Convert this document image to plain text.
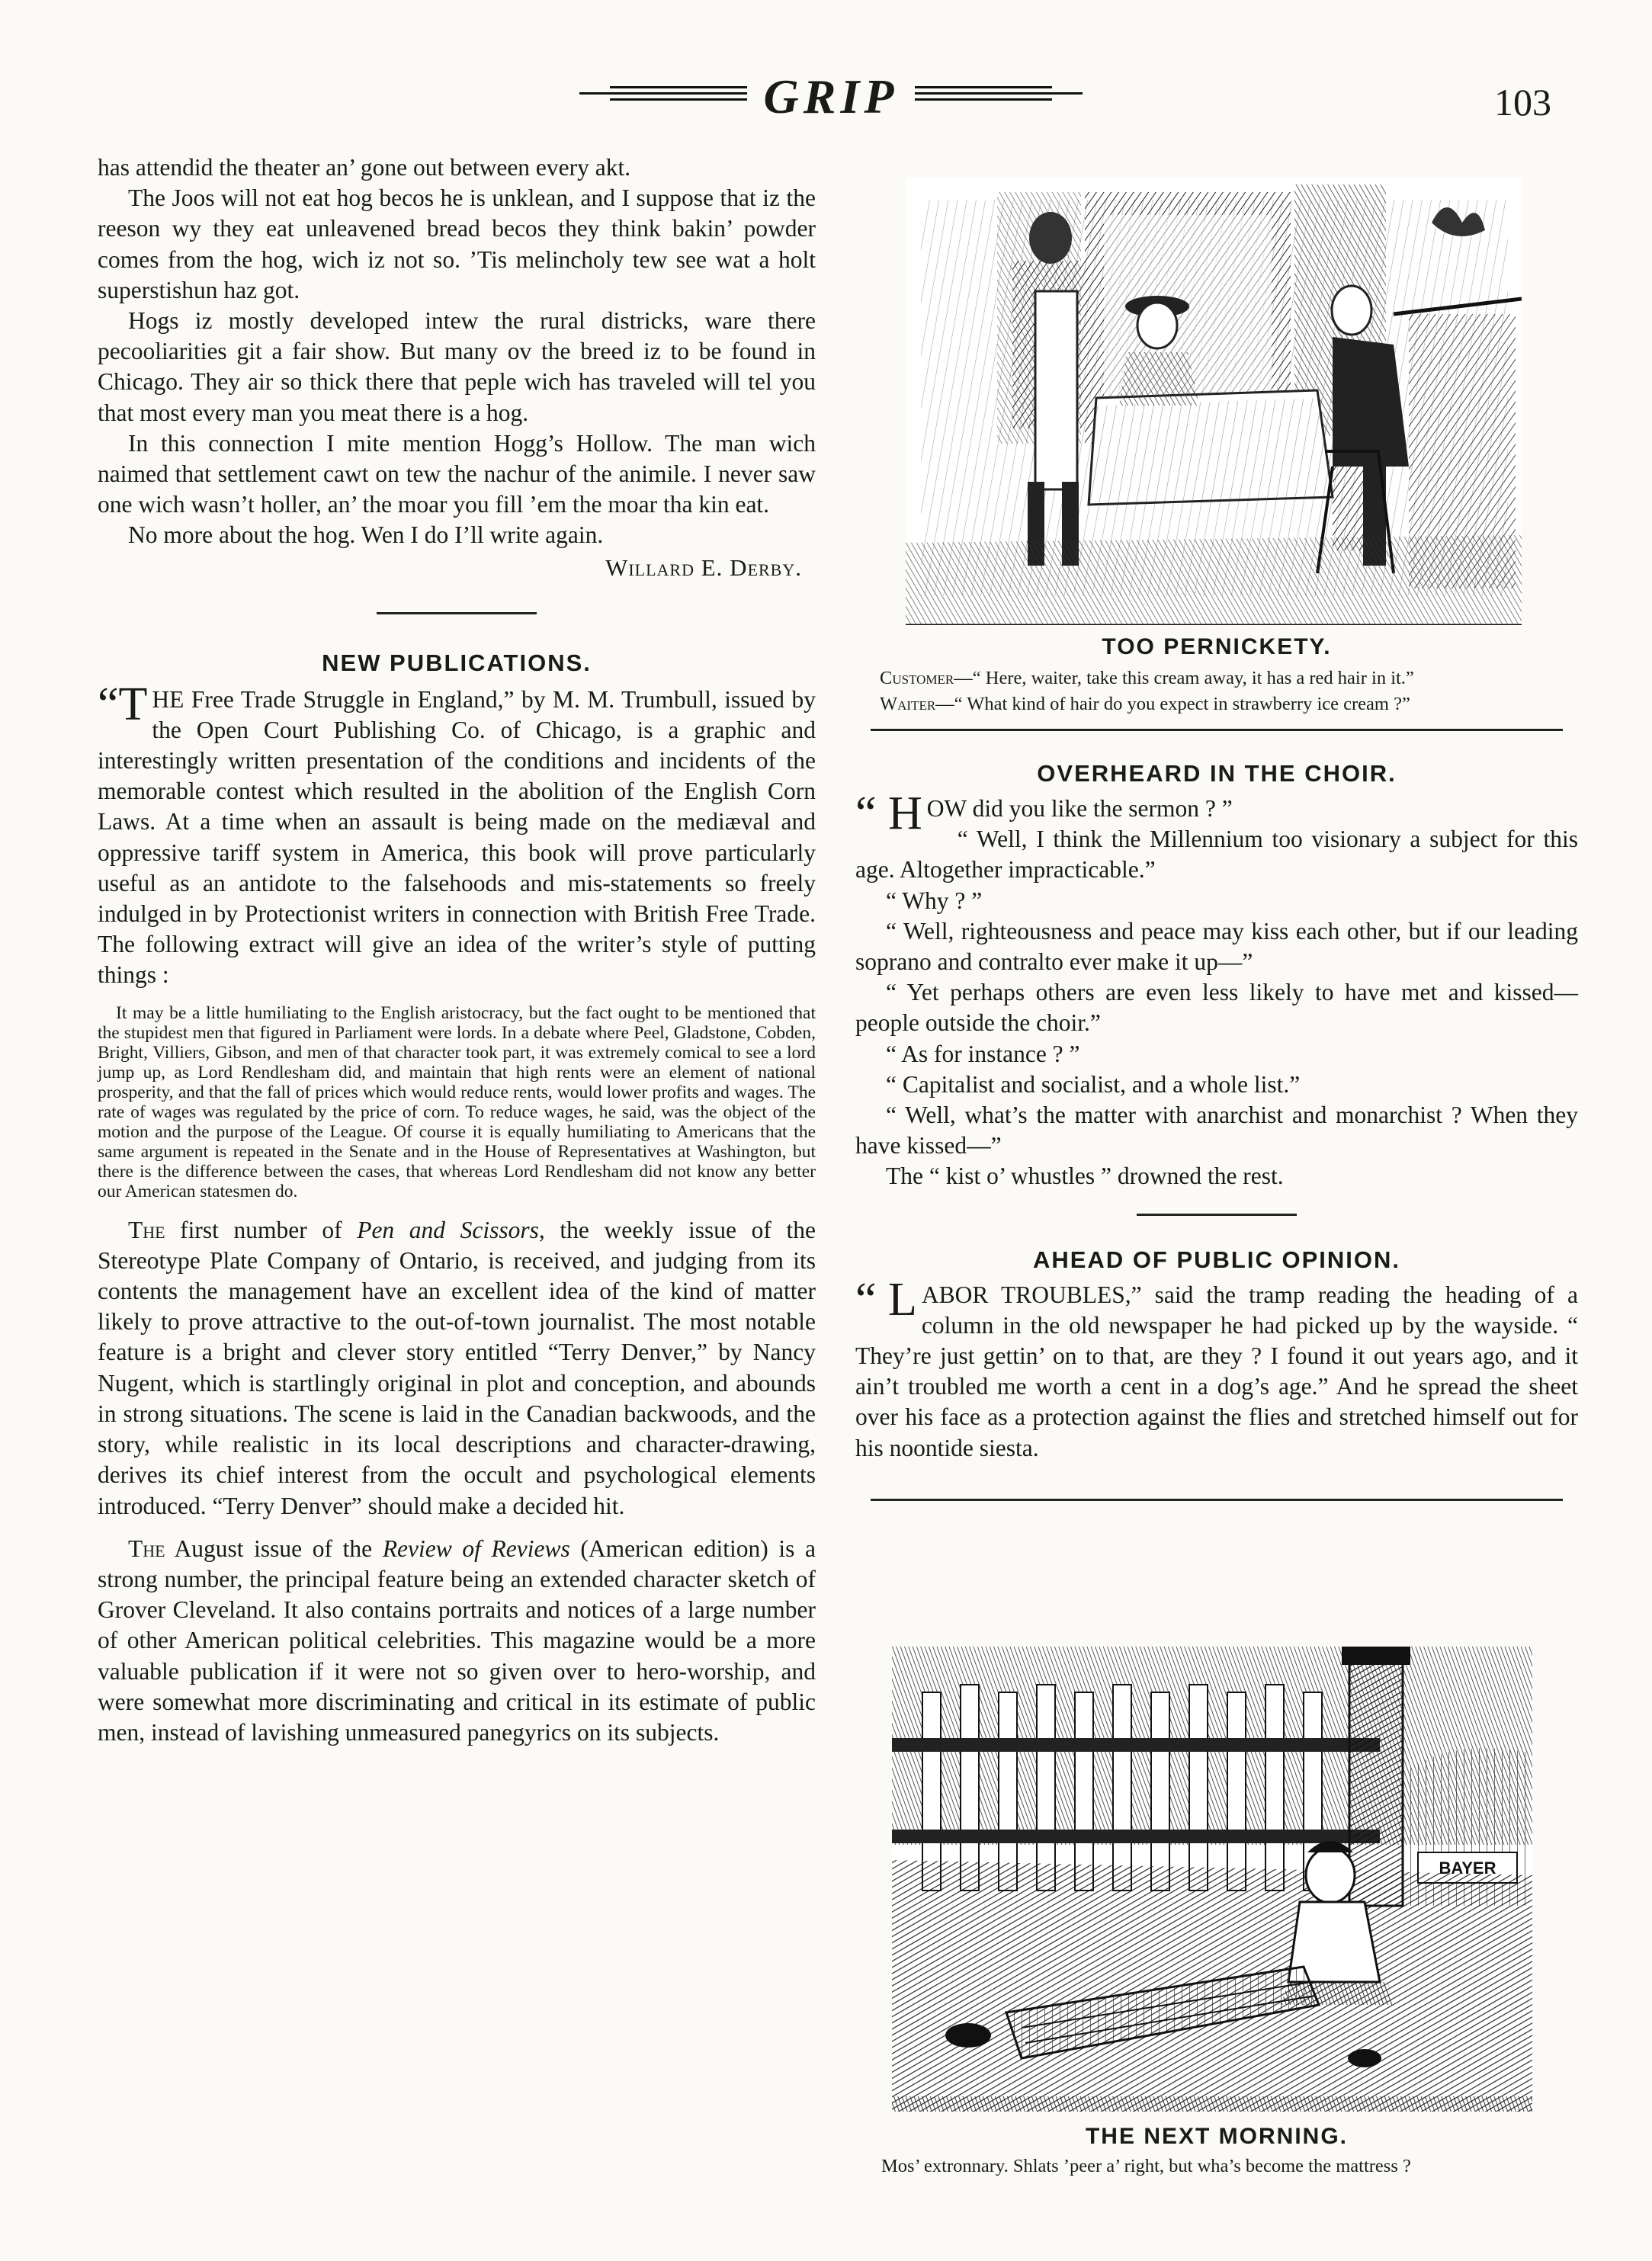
GRIP	103

has attendid the theater an’ gone out between every akt.

The Joos will not eat hog becos he is unklean, and I suppose that iz the reeson wy they eat unleavened bread becos they think bakin’ powder comes from the hog, wich iz not so. ’Tis melincholy tew see wat a holt superstishun haz got.

Hogs iz mostly developed intew the rural districks, ware there pecooliarities git a fair show. But many ov the breed iz to be found in Chicago. They air so thick there that peple wich has traveled will tel you that most every man you meat there is a hog.

In this connection I mite mention Hogg’s Hollow. The man wich naimed that settlement cawt on tew the nachur of the animile. I never saw one wich wasn’t holler, an’ the moar you fill ’em the moar tha kin eat.

No more about the hog. Wen I do I’ll write again.

Willard E. Derby.
NEW PUBLICATIONS.

“THE Free Trade Struggle in England,” by M. M. Trumbull, issued by the Open Court Publishing Co. of Chicago, is a graphic and interestingly written presentation of the conditions and incidents of the memorable contest which resulted in the abolition of the English Corn Laws. At a time when an assault is being made on the mediæval and oppressive tariff system in America, this book will prove particularly useful as an antidote to the falsehoods and mis-statements so freely indulged in by Protectionist writers in connection with British Free Trade. The following extract will give an idea of the writer’s style of putting things :

It may be a little humiliating to the English aristocracy, but the fact ought to be mentioned that the stupidest men that figured in Parliament were lords. In a debate where Peel, Gladstone, Cobden, Bright, Villiers, Gibson, and men of that character took part, it was extremely comical to see a lord jump up, as Lord Rendlesham did, and maintain that high rents were an element of national prosperity, and that the fall of prices which would reduce rents, would lower profits and wages. The rate of wages was regulated by the price of corn. To reduce wages, he said, was the object of the motion and the purpose of the League. Of course it is equally humiliating to Americans that the same argument is repeated in the Senate and in the House of Representatives at Washington, but there is the difference between the cases, that whereas Lord Rendlesham did not know any better our American statesmen do.

The first number of Pen and Scissors, the weekly issue of the Stereotype Plate Company of Ontario, is received, and judging from its contents the management have an excellent idea of the kind of matter likely to prove attractive to the out-of-town journalist. The most notable feature is a bright and clever story entitled “Terry Denver,” by Nancy Nugent, which is startlingly original in plot and conception, and abounds in strong situations. The scene is laid in the Canadian backwoods, and the story, while realistic in its local descriptions and character-drawing, derives its chief interest from the occult and psychological elements introduced. “Terry Denver” should make a decided hit.

The August issue of the Review of Reviews (American edition) is a strong number, the principal feature being an extended character sketch of Grover Cleveland. It also contains portraits and notices of a large number of other American political celebrities. This magazine would be a more valuable publication if it were not so given over to hero-worship, and were somewhat more discriminating and critical in its estimate of public men, instead of lavishing unmeasured panegyrics on its subjects.

TOO PERNICKETY.

Customer—“ Here, waiter, take this cream away, it has a red hair in it.”

Waiter—“ What kind of hair do you expect in strawberry ice cream ?”

OVERHEARD IN THE CHOIR.

“ H OW did you like the sermon ? ”

“ Well, I think the Millennium too visionary a subject for this age. Altogether impracticable.”

“ Why ? ”

“ Well, righteousness and peace may kiss each other, but if our leading soprano and contralto ever make it up—”

“ Yet perhaps others are even less likely to have met and kissed—people outside the choir.”

“ As for instance ? ”

“ Capitalist and socialist, and a whole list.”

“ Well, what’s the matter with anarchist and monarchist ? When they have kissed—”

The “ kist o’ whustles ” drowned the rest.

AHEAD OF PUBLIC OPINION.

“ L ABOR TROUBLES,” said the tramp reading the heading of a column in the old newspaper he had picked up by the wayside. “ They’re just gettin’ on to that, are they ? I found it out years ago, and it ain’t troubled me worth a cent in a dog’s age.” And he spread the sheet over his face as a protection against the flies and stretched himself out for his noontide siesta.

BAYER
THE NEXT MORNING.

Mos’ extronnary. Shlats ’peer a’ right, but wha’s become the mattress ?
